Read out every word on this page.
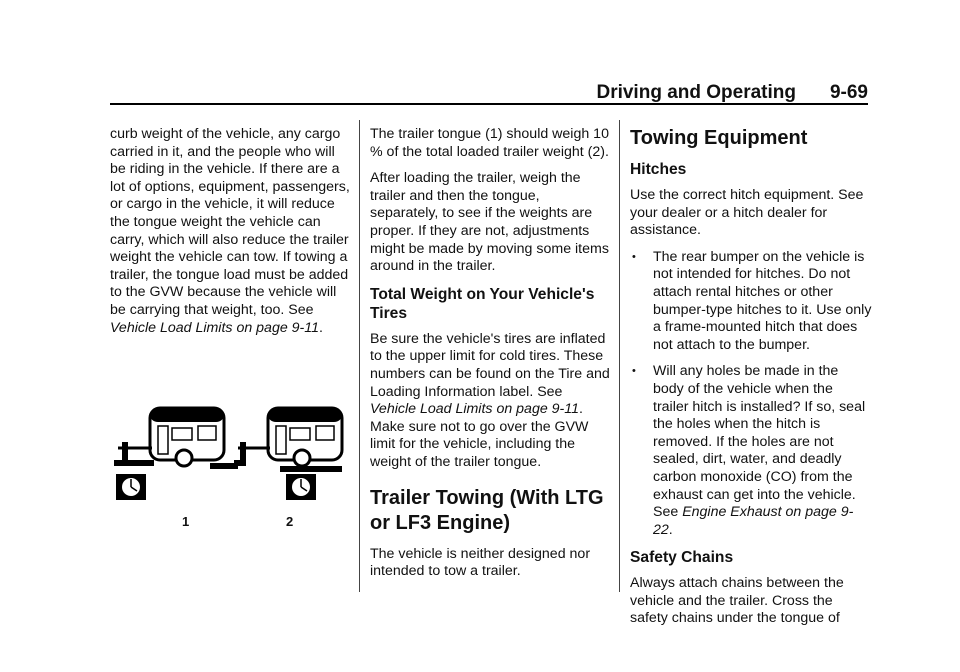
Driving and Operating 9-69

curb weight of the vehicle, any cargo carried in it, and the people who will be riding in the vehicle. If there are a lot of options, equipment, passengers, or cargo in the vehicle, it will reduce the tongue weight the vehicle can carry, which will also reduce the trailer weight the vehicle can tow. If towing a trailer, the tongue load must be added to the GVW because the vehicle will be carrying that weight, too. See Vehicle Load Limits on page 9-11.

1	2

The trailer tongue (1) should weigh 10 % of the total loaded trailer weight (2).

After loading the trailer, weigh the trailer and then the tongue, separately, to see if the weights are proper. If they are not, adjustments might be made by moving some items around in the trailer.

Total Weight on Your Vehicle's Tires

Be sure the vehicle's tires are inflated to the upper limit for cold tires. These numbers can be found on the Tire and Loading Information label. See Vehicle Load Limits on page 9-11. Make sure not to go over the GVW limit for the vehicle, including the weight of the trailer tongue.

Trailer Towing (With LTG or LF3 Engine)

The vehicle is neither designed nor intended to tow a trailer.

Towing Equipment
Hitches

Use the correct hitch equipment. See your dealer or a hitch dealer for assistance.

• The rear bumper on the vehicle is not intended for hitches. Do not attach rental hitches or other bumper-type hitches to it. Use only a frame-mounted hitch that does not attach to the bumper.
• Will any holes be made in the body of the vehicle when the trailer hitch is installed? If so, seal the holes when the hitch is removed. If the holes are not sealed, dirt, water, and deadly carbon monoxide (CO) from the exhaust can get into the vehicle. See Engine Exhaust on page 9-22.
Safety Chains

Always attach chains between the vehicle and the trailer. Cross the safety chains under the tongue of
